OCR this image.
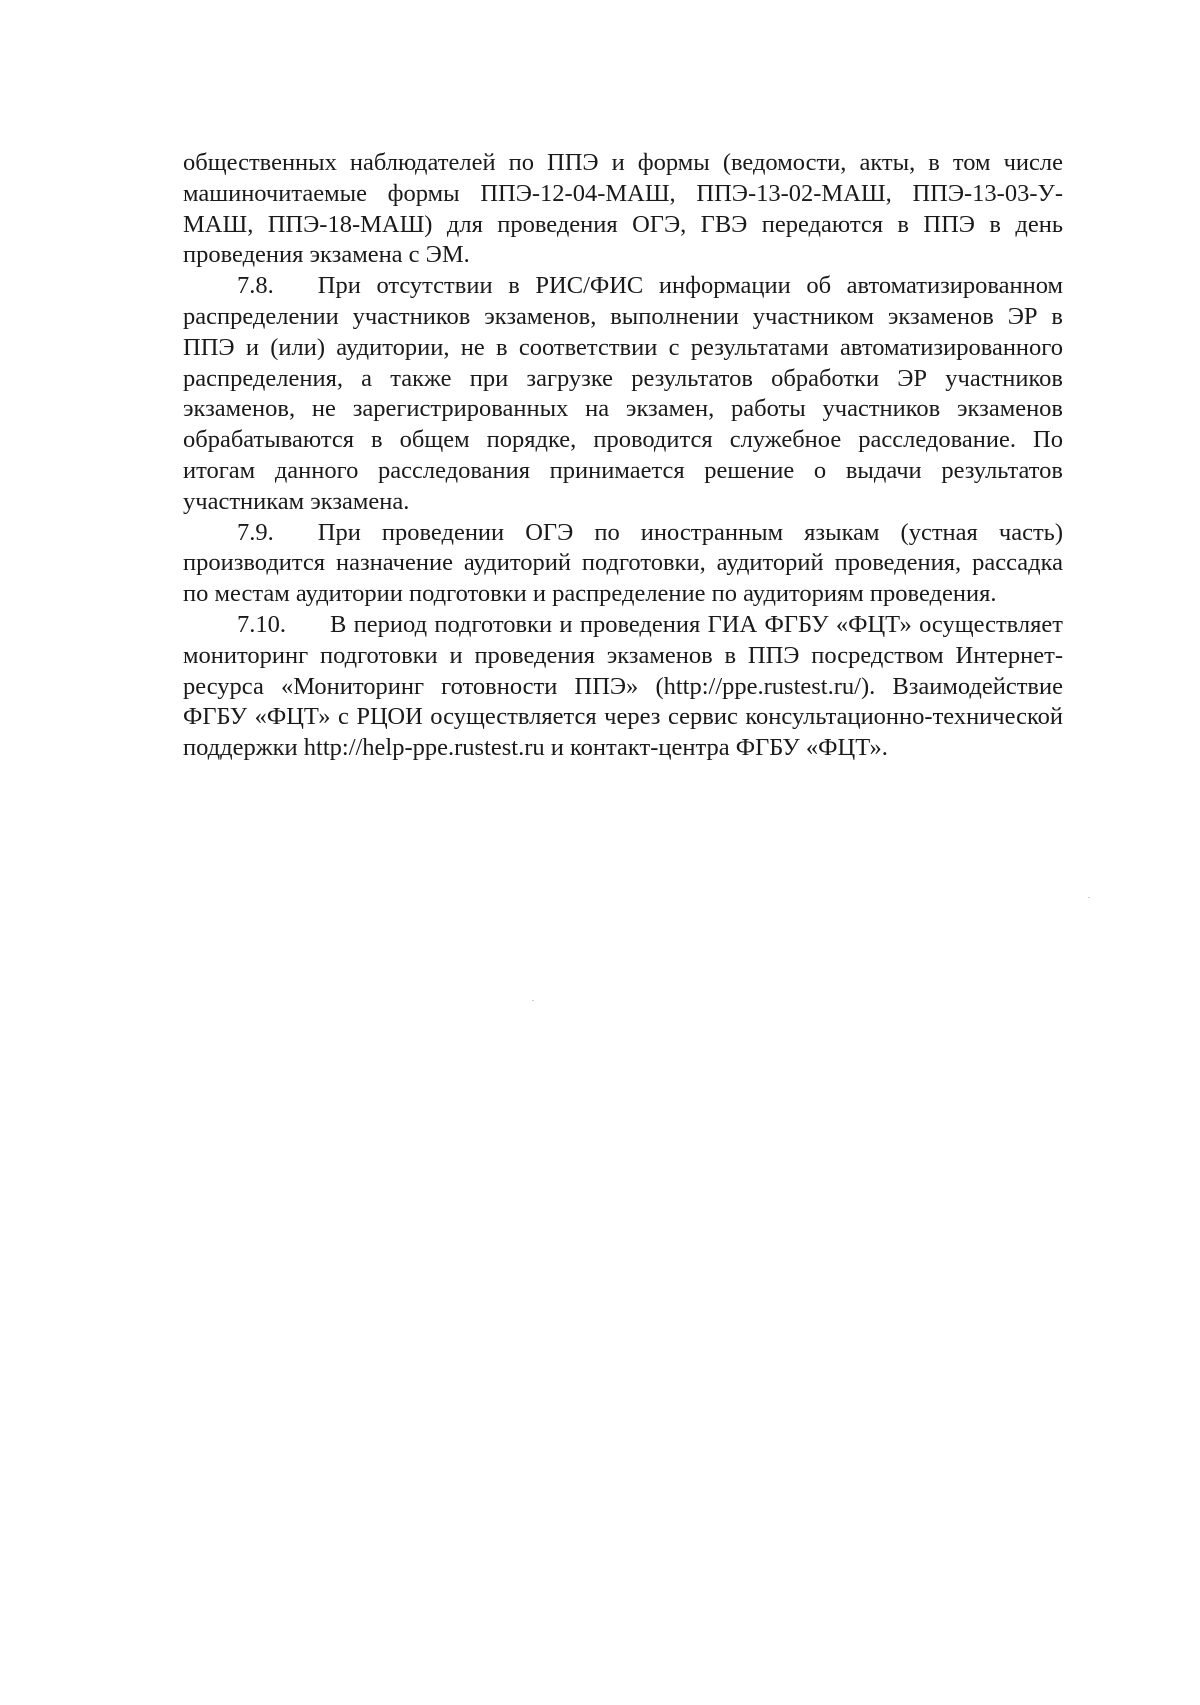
общественных наблюдателей по ППЭ и формы (ведомости, акты, в том числе машиночитаемые формы ППЭ-12-04-МАШ, ППЭ-13-02-МАШ, ППЭ-13-03-У-МАШ, ППЭ-18-МАШ) для проведения ОГЭ, ГВЭ передаются в ППЭ в день проведения экзамена с ЭМ.

7.8. При отсутствии в РИС/ФИС информации об автоматизированном распределении участников экзаменов, выполнении участником экзаменов ЭР в ППЭ и (или) аудитории, не в соответствии с результатами автоматизированного распределения, а также при загрузке результатов обработки ЭР участников экзаменов, не зарегистрированных на экзамен, работы участников экзаменов обрабатываются в общем порядке, проводится служебное расследование. По итогам данного расследования принимается решение о выдачи результатов участникам экзамена.

7.9. При проведении ОГЭ по иностранным языкам (устная часть) производится назначение аудиторий подготовки, аудиторий проведения, рассадка по местам аудитории подготовки и распределение по аудиториям проведения.

7.10. В период подготовки и проведения ГИА ФГБУ «ФЦТ» осуществляет мониторинг подготовки и проведения экзаменов в ППЭ посредством Интернет-ресурса «Мониторинг готовности ППЭ» (http://ppe.rustest.ru/). Взаимодействие ФГБУ «ФЦТ» с РЦОИ осуществляется через сервис консультационно-технической поддержки http://help-ppe.rustest.ru и контакт-центра ФГБУ «ФЦТ».
